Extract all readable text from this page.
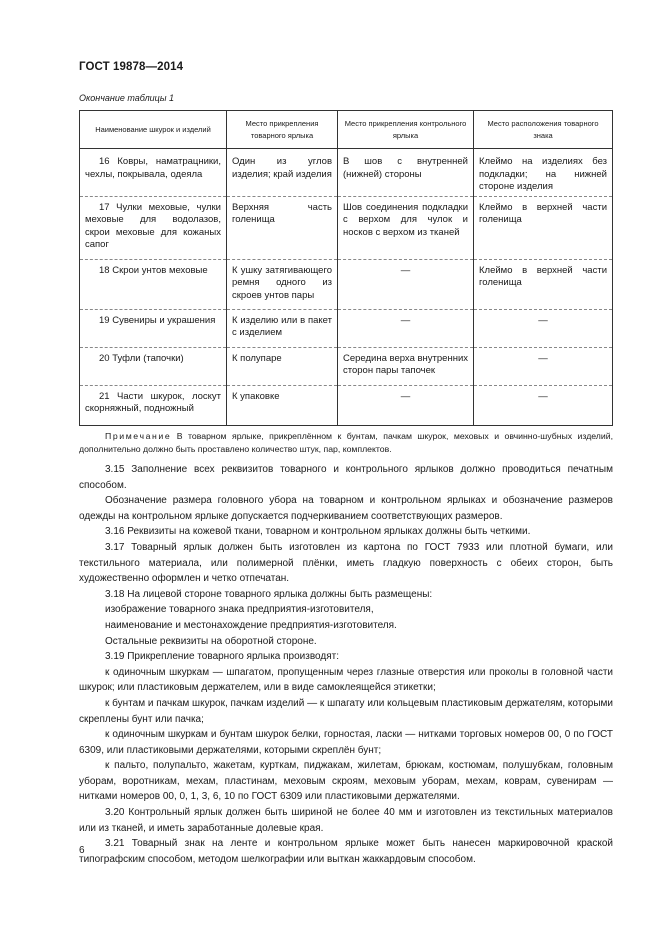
ГОСТ 19878—2014
Окончание таблицы 1
Наименование шкурок и изделий	Место прикрепления товарного ярлыка	Место прикрепления контрольного ярлыка	Место расположения товарного знака

16 Ковры, наматрацники, чехлы, покрывала, одеяла	Один из углов изделия; край изделия	В шов с внутренней (нижней) стороны	Клеймо на изделиях без подкладки; на нижней стороне изделия
17 Чулки меховые, чулки меховые для водолазов, скрои меховые для кожаных сапог	Верхняя часть голенища	Шов соединения подкладки с верхом для чулок и носков с верхом из тканей	Клеймо в верхней части голенища
18 Скрои унтов меховые	К ушку затягивающего ремня одного из скроев унтов пары	—	Клеймо в верхней части голенища
19 Сувениры и украшения	К изделию или в пакет с изделием	—	—
20 Туфли (тапочки)	К полупаре	Середина верха внутренних сторон пары тапочек	—
21 Части шкурок, лоскут скорняжный, подножный	К упаковке	—	—
Примечание В товарном ярлыке, прикреплённом к бунтам, пачкам шкурок, меховых и овчинно-шубных изделий, дополнительно должно быть проставлено количество штук, пар, комплектов.

3.15 Заполнение всех реквизитов товарного и контрольного ярлыков должно проводиться печатным способом.

Обозначение размера головного убора на товарном и контрольном ярлыках и обозначение размеров одежды на контрольном ярлыке допускается подчеркиванием соответствующих размеров.

3.16 Реквизиты на кожевой ткани, товарном и контрольном ярлыках должны быть четкими.

3.17 Товарный ярлык должен быть изготовлен из картона по ГОСТ 7933 или плотной бумаги, или текстильного материала, или полимерной плёнки, иметь гладкую поверхность с обеих сторон, быть художественно оформлен и четко отпечатан.

3.18 На лицевой стороне товарного ярлыка должны быть размещены:

изображение товарного знака предприятия-изготовителя,

наименование и местонахождение предприятия-изготовителя.

Остальные реквизиты на оборотной стороне.

3.19 Прикрепление товарного ярлыка производят:

к одиночным шкуркам — шпагатом, пропущенным через глазные отверстия или проколы в головной части шкурок; или пластиковым держателем, или в виде самоклеящейся этикетки;

к бунтам и пачкам шкурок, пачкам изделий — к шпагату или кольцевым пластиковым держателям, которыми скреплены бунт или пачка;

к одиночным шкуркам и бунтам шкурок белки, горностая, ласки — нитками торговых номеров 00, 0 по ГОСТ 6309, или пластиковыми держателями, которыми скреплён бунт;

к пальто, полупальто, жакетам, курткам, пиджакам, жилетам, брюкам, костюмам, полушубкам, головным уборам, воротникам, мехам, пластинам, меховым скроям, меховым уборам, мехам, коврам, сувенирам — нитками номеров 00, 0, 1, 3, 6, 10 по ГОСТ 6309 или пластиковыми держателями.

3.20 Контрольный ярлык должен быть шириной не более 40 мм и изготовлен из текстильных материалов или из тканей, и иметь заработанные долевые края.

3.21 Товарный знак на ленте и контрольном ярлыке может быть нанесен маркировочной краской типографским способом, методом шелкографии или выткан жаккардовым способом.

6
